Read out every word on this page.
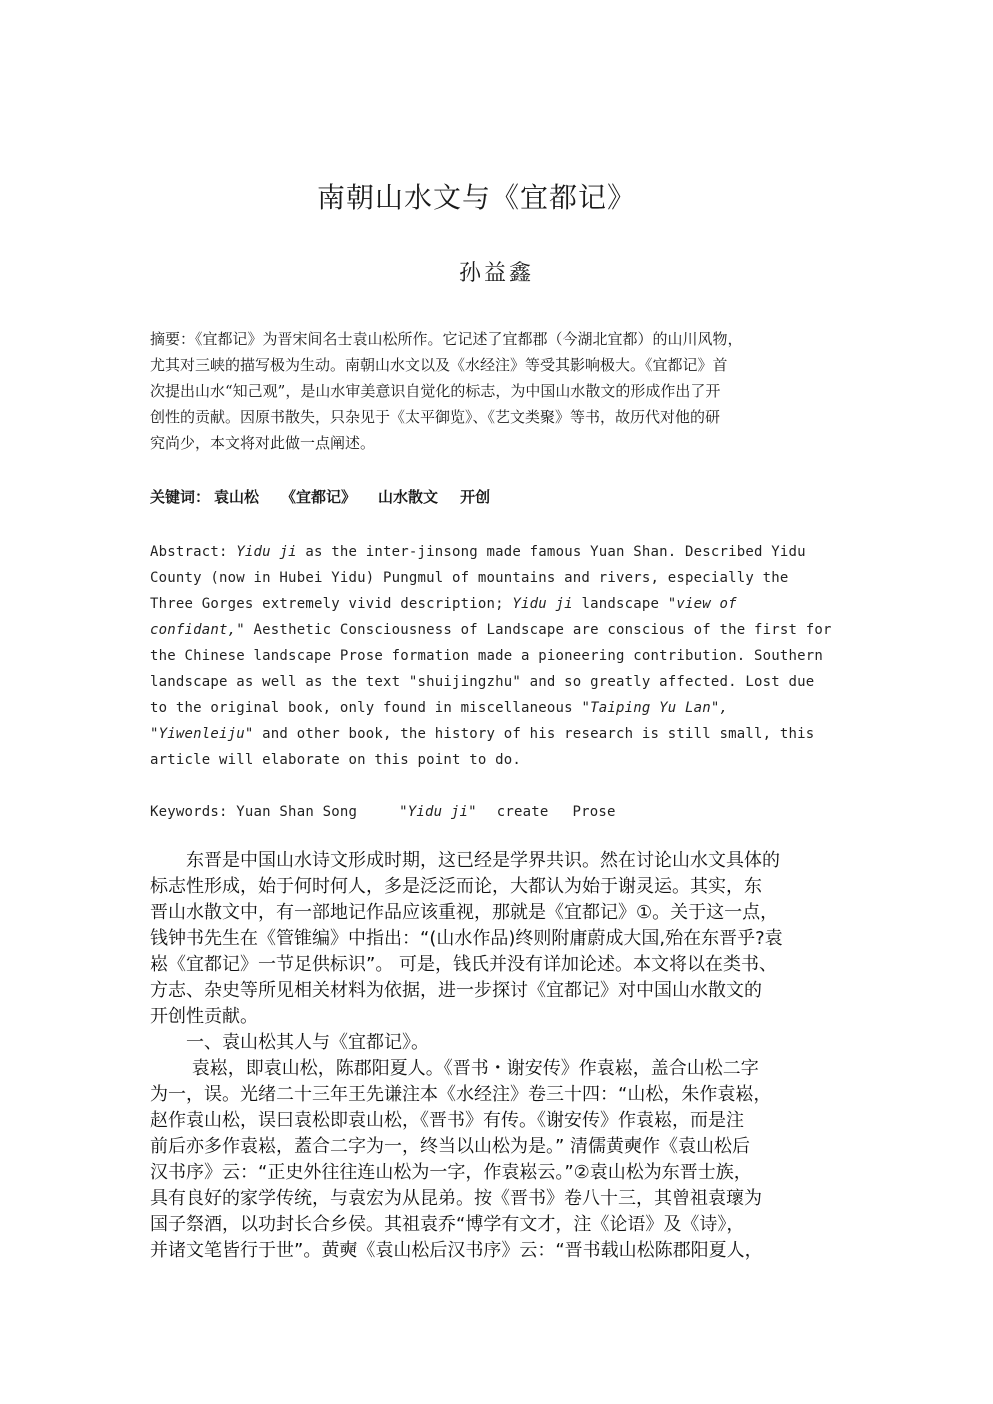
南朝山水文与《宜都记》
孙益鑫
摘要：《宜都记》为晋宋间名士袁山松所作。它记述了宜都郡（今湖北宜都）的山川风物，
尤其对三峡的描写极为生动。南朝山水文以及《水经注》等受其影响极大。《宜都记》首
次提出山水“知己观”，是山水审美意识自觉化的标志，为中国山水散文的形成作出了开
创性的贡献。因原书散失，只杂见于《太平御览》、《艺文类聚》等书，故历代对他的研
究尚少，本文将对此做一点阐述。
关键词： 袁山松 《宜都记》 山水散文 开创
Abstract: Yidu ji as the inter-jinsong made famous Yuan Shan. Described Yidu
County (now in Hubei Yidu) Pungmul of mountains and rivers, especially the
Three Gorges extremely vivid description; Yidu ji landscape "view of
confidant," Aesthetic Consciousness of Landscape are conscious of the first for
the Chinese landscape Prose formation made a pioneering contribution. Southern
landscape as well as the text "shuijingzhu" and so greatly affected. Lost due
to the original book, only found in miscellaneous "Taiping Yu Lan",
"Yiwenleiju" and other book, the history of his research is still small, this
article will elaborate on this point to do.
Keywords: Yuan Shan Song	"Yidu ji" create Prose
　　东晋是中国山水诗文形成时期，这已经是学界共识。然在讨论山水文具体的
标志性形成，始于何时何人，多是泛泛而论，大都认为始于谢灵运。其实，东
晋山水散文中，有一部地记作品应该重视，那就是《宜都记》①。关于这一点，
钱钟书先生在《管锥编》中指出：“(山水作品)终则附庸蔚成大国,殆在东晋乎?袁
崧《宜都记》一节足供标识”。 可是，钱氏并没有详加论述。本文将以在类书、
方志、杂史等所见相关材料为依据，进一步探讨《宜都记》对中国山水散文的
开创性贡献。
　　一、袁山松其人与《宜都记》。
　　 袁崧，即袁山松，陈郡阳夏人。《晋书・谢安传》作袁崧，盖合山松二字
为一，误。光绪二十三年王先谦注本《水经注》卷三十四：“山松，朱作袁崧，
赵作袁山松，误曰袁松即袁山松，《晋书》有传。《谢安传》作袁崧，而是注
前后亦多作袁崧，蓋合二字为一，终当以山松为是。” 清儒黄奭作《袁山松后
汉书序》云：“正史外往往连山松为一字，作袁崧云。”②袁山松为东晋士族，
具有良好的家学传统，与袁宏为从昆弟。按《晋书》卷八十三，其曾祖袁瓌为
国子祭酒，以功封长合乡侯。其祖袁乔“博学有文才，注《论语》及《诗》，
并诸文笔皆行于世”。黄奭《袁山松后汉书序》云：“晋书载山松陈郡阳夏人，
